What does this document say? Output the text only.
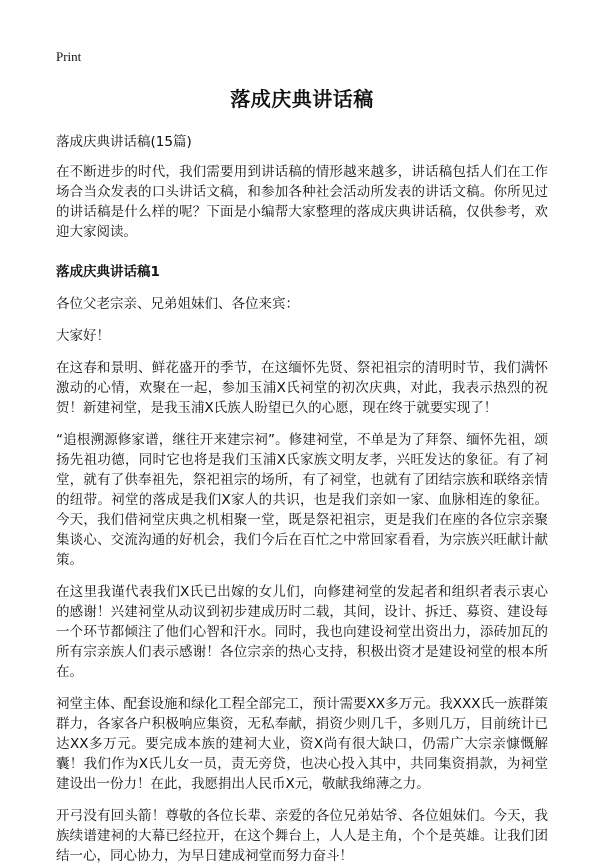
Print
落成庆典讲话稿
落成庆典讲话稿(15篇)

在不断进步的时代，我们需要用到讲话稿的情形越来越多，讲话稿包括人们在工作场合当众发表的口头讲话文稿，和参加各种社会活动所发表的讲话文稿。你所见过的讲话稿是什么样的呢？下面是小编帮大家整理的落成庆典讲话稿，仅供参考，欢迎大家阅读。

落成庆典讲话稿1

各位父老宗亲、兄弟姐妹们、各位来宾：

大家好！

在这春和景明、鲜花盛开的季节，在这缅怀先贤、祭祀祖宗的清明时节，我们满怀激动的心情，欢聚在一起，参加玉浦X氏祠堂的初次庆典，对此，我表示热烈的祝贺！新建祠堂，是我玉浦X氏族人盼望已久的心愿，现在终于就要实现了！

“追根溯源修家谱，继往开来建宗祠”。修建祠堂，不单是为了拜祭、缅怀先祖，颂扬先祖功德，同时它也将是我们玉浦X氏家族文明友孝，兴旺发达的象征。有了祠堂，就有了供奉祖先，祭祀祖宗的场所，有了祠堂，也就有了团结宗族和联络亲情的纽带。祠堂的落成是我们X家人的共识，也是我们亲如一家、血脉相连的象征。今天，我们借祠堂庆典之机相聚一堂，既是祭祀祖宗，更是我们在座的各位宗亲聚集谈心、交流沟通的好机会，我们今后在百忙之中常回家看看，为宗族兴旺献计献策。

在这里我谨代表我们X氏已出嫁的女儿们，向修建祠堂的发起者和组织者表示衷心的感谢！兴建祠堂从动议到初步建成历时二载，其间，设计、拆迁、募资、建设每一个环节都倾注了他们心智和汗水。同时，我也向建设祠堂出资出力，添砖加瓦的所有宗亲族人们表示感谢！各位宗亲的热心支持，积极出资才是建设祠堂的根本所在。

祠堂主体、配套设施和绿化工程全部完工，预计需要XX多万元。我XXX氏一族群策群力，各家各户积极响应集资，无私奉献，捐资少则几千，多则几万，目前统计已达XX多万元。要完成本族的建祠大业，资X尚有很大缺口，仍需广大宗亲慷慨解囊！我们作为X氏儿女一员，责无旁贷，也决心投入其中，共同集资捐款，为祠堂建设出一份力！在此，我愿捐出人民币X元，敬献我绵薄之力。

开弓没有回头箭！尊敬的各位长辈、亲爱的各位兄弟姑爷、各位姐妹们。今天，我族续谱建祠的大幕已经拉开，在这个舞台上，人人是主角，个个是英雄。让我们团结一心，同心协力，为早日建成祠堂而努力奋斗！
